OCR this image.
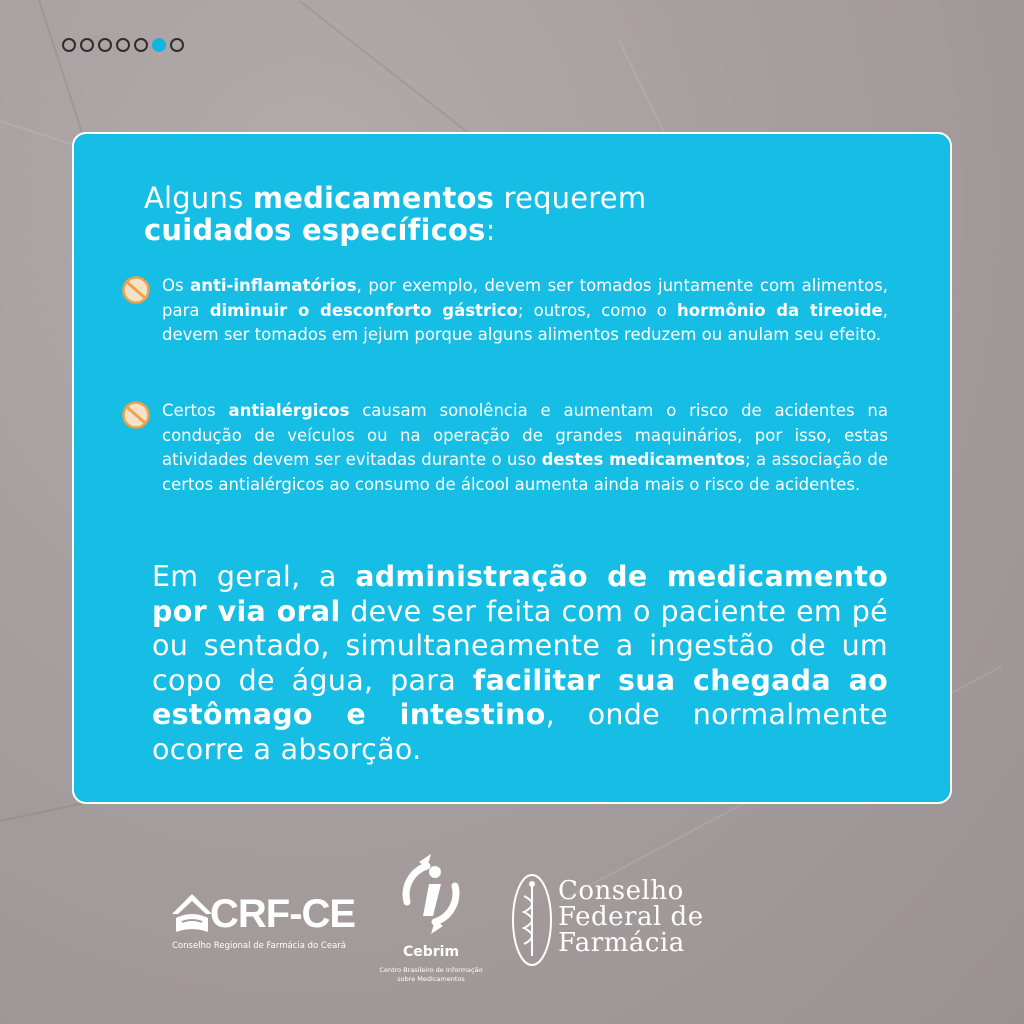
Alguns medicamentos requerem
cuidados específicos:

Os anti-inflamatórios, por exemplo, devem ser tomados juntamente com alimentos, para diminuir o desconforto gástrico; outros, como o hormônio da tireoide, devem ser tomados em jejum porque alguns alimentos reduzem ou anulam seu efeito.

Certos antialérgicos causam sonolência e aumentam o risco de acidentes na condução de veículos ou na operação de grandes maquinários, por isso, estas atividades devem ser evitadas durante o uso destes medicamentos; a associação de certos antialérgicos ao consumo de álcool aumenta ainda mais o risco de acidentes.

Em geral, a administração de medicamento por via oral deve ser feita com o paciente em pé ou sentado, simultaneamente a ingestão de um copo de água, para facilitar sua chegada ao estômago e intestino, onde normalmente ocorre a absorção.

CRF-CE
Conselho Regional de Farmácia do Ceará	Cebrim
Centro Brasileiro de Informação
sobre Medicamentos
Conselho
Federal de
Farmácia
